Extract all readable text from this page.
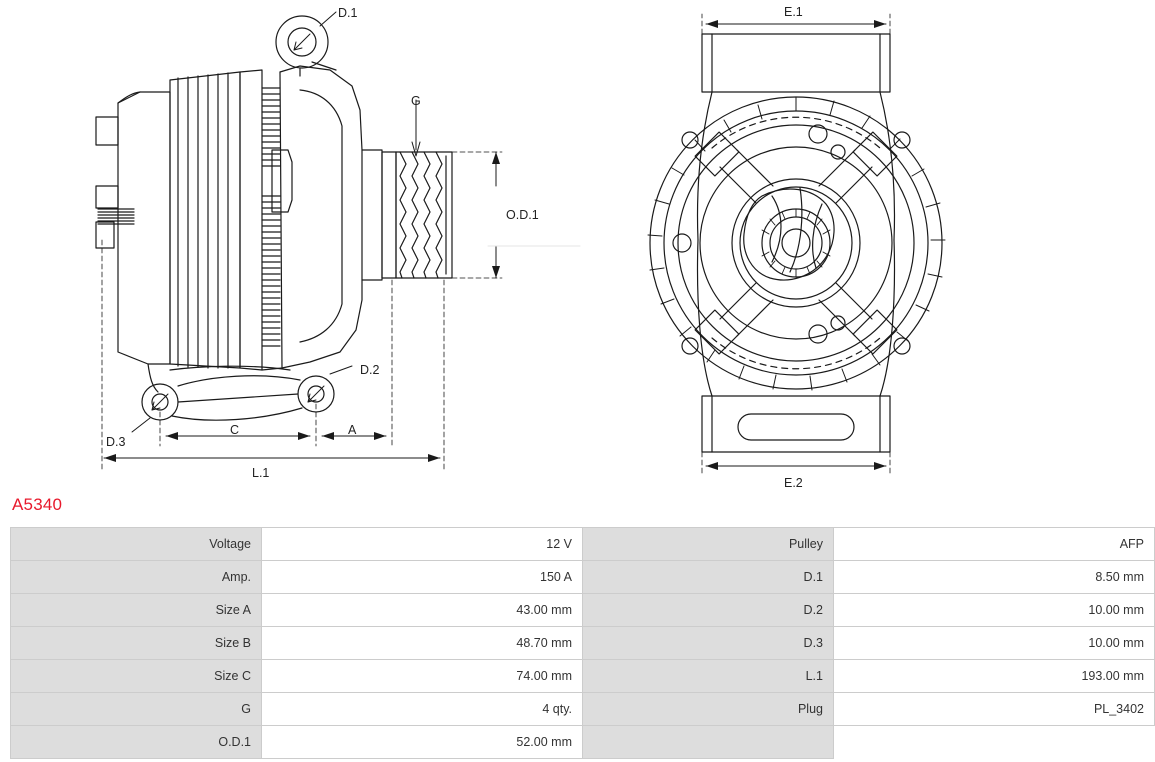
D.1
D.2
D.3
G
O.D.1
A
C
L.1
E.1
E.2
A5340
Voltage	12 V	Pulley	AFP
Amp.	150 A	D.1	8.50 mm
Size A	43.00 mm	D.2	10.00 mm
Size B	48.70 mm	D.3	10.00 mm
Size C	74.00 mm	L.1	193.00 mm
G	4 qty.	Plug	PL_3402
O.D.1	52.00 mm		
